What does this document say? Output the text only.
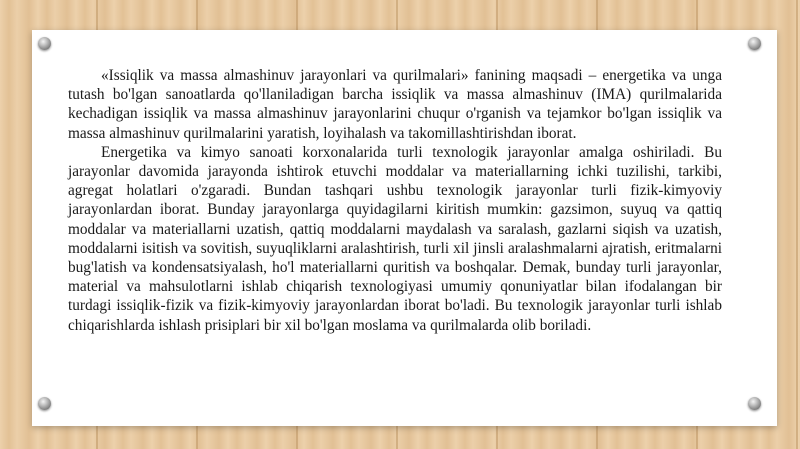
«Issiqlik va massa almashinuv jarayonlari va qurilmalari» fanining maqsadi – energetika va unga tutash bo'lgan sanoatlarda qo'llaniladigan barcha issiqlik va massa almashinuv (IMA) qurilmalarida kechadigan issiqlik va massa almashinuv jarayonlarini chuqur o'rganish va tejamkor bo'lgan issiqlik va massa almashinuv qurilmalarini yaratish, loyihalash va takomillashtirishdan iborat.

Energetika va kimyo sanoati korxonalarida turli texnologik jarayonlar amalga oshiriladi. Bu jarayonlar davomida jarayonda ishtirok etuvchi moddalar va materiallarning ichki tuzilishi, tarkibi, agregat holatlari o'zgaradi. Bundan tashqari ushbu texnologik jarayonlar turli fizik-kimyoviy jarayonlardan iborat. Bunday jarayonlarga quyidagilarni kiritish mumkin: gazsimon, suyuq va qattiq moddalar va materiallarni uzatish, qattiq moddalarni maydalash va saralash, gazlarni siqish va uzatish, moddalarni isitish va sovitish, suyuqliklarni aralashtirish, turli xil jinsli aralashmalarni ajratish, eritmalarni bug'latish va kondensatsiyalash, ho'l materiallarni quritish va boshqalar. Demak, bunday turli jarayonlar, material va mahsulotlarni ishlab chiqarish texnologiyasi umumiy qonuniyatlar bilan ifodalangan bir turdagi issiqlik-fizik va fizik-kimyoviy jarayonlardan iborat bo'ladi. Bu texnologik jarayonlar turli ishlab chiqarishlarda ishlash prisiplari bir xil bo'lgan moslama va qurilmalarda olib boriladi.
